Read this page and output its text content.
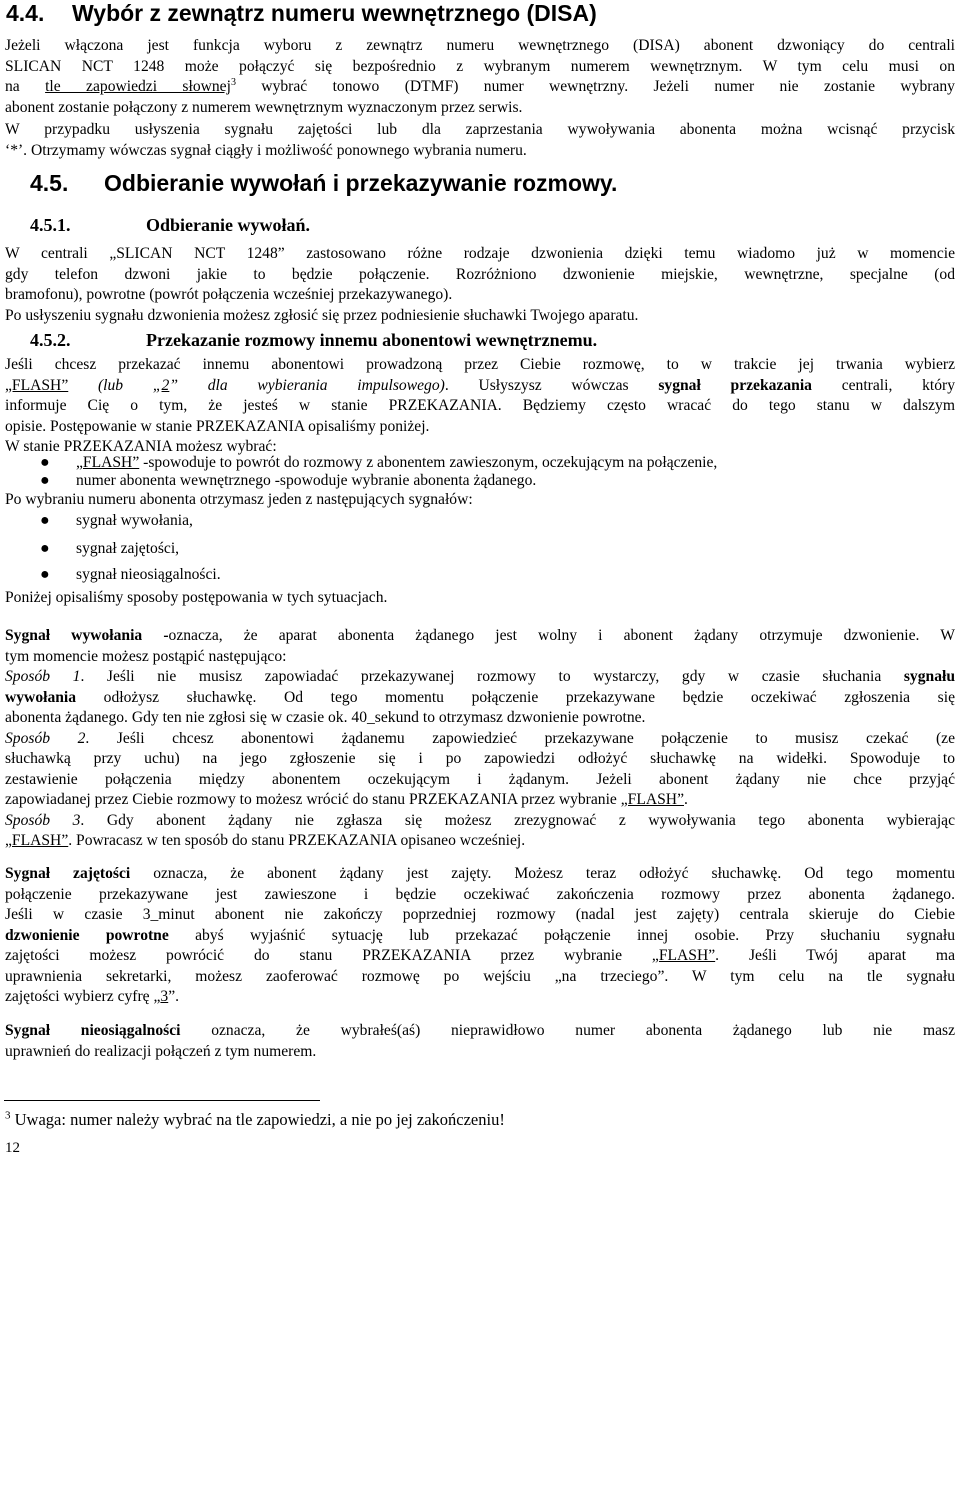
4.4. Wybór z zewnątrz numeru wewnętrznego (DISA)
Jeżeli włączona jest funkcja wyboru z zewnątrz numeru wewnętrznego (DISA) abonent dzwoniący do centrali
SLICAN NCT 1248 może połączyć się bezpośrednio z wybranym numerem wewnętrznym. W tym celu musi on
na tle zapowiedzi słownej$^3$ wybrać tonowo (DTMF) numer wewnętrzny. Jeżeli numer nie zostanie wybrany
abonent zostanie połączony z numerem wewnętrznym wyznaczonym przez serwis.
W przypadku usłyszenia sygnału zajętości lub dla zaprzestania wywoływania abonenta można wcisnąć przycisk
‘*’. Otrzymamy wówczas sygnał ciągły i możliwość ponownego wybrania numeru.
4.5. Odbieranie wywołań i przekazywanie rozmowy.
4.5.1.	Odbieranie wywołań.
W centrali „SLICAN NCT 1248” zastosowano różne rodzaje dzwonienia dzięki temu wiadomo już w momencie
gdy telefon dzwoni jakie to będzie połączenie. Rozróżniono dzwonienie miejskie, wewnętrzne, specjalne (od
bramofonu), powrotne (powrót połączenia wcześniej przekazywanego).
Po usłyszeniu sygnału dzwonienia możesz zgłosić się przez podniesienie słuchawki Twojego aparatu.
4.5.2.	Przekazanie rozmowy innemu abonentowi wewnętrznemu.
Jeśli chcesz przekazać innemu abonentowi prowadzoną przez Ciebie rozmowę, to w trakcie jej trwania wybierz
„FLASH” (lub „2” dla wybierania impulsowego). Usłyszysz wówczas sygnał przekazania centrali, który
informuje Cię o tym, że jesteś w stanie PRZEKAZANIA. Będziemy często wracać do tego stanu w dalszym
opisie. Postępowanie w stanie PRZEKAZANIA opisaliśmy poniżej.
W stanie PRZEKAZANIA możesz wybrać:
● „FLASH” -spowoduje to powrót do rozmowy z abonentem zawieszonym, oczekującym na połączenie,
● numer abonenta wewnętrznego -spowoduje wybranie abonenta żądanego.
Po wybraniu numeru abonenta otrzymasz jeden z następujących sygnałów:
● sygnał wywołania,
● sygnał zajętości,
● sygnał nieosiągalności.
Poniżej opisaliśmy sposoby postępowania w tych sytuacjach.
Sygnał wywołania -oznacza, że aparat abonenta żądanego jest wolny i abonent żądany otrzymuje dzwonienie. W
tym momencie możesz postąpić następująco:
Sposób 1. Jeśli nie musisz zapowiadać przekazywanej rozmowy to wystarczy, gdy w czasie słuchania sygnału
wywołania odłożysz słuchawkę. Od tego momentu połączenie przekazywane będzie oczekiwać zgłoszenia się
abonenta żądanego. Gdy ten nie zgłosi się w czasie ok. 40_sekund to otrzymasz dzwonienie powrotne.
Sposób 2. Jeśli chcesz abonentowi żądanemu zapowiedzieć przekazywane połączenie to musisz czekać (ze
słuchawką przy uchu) na jego zgłoszenie się i po zapowiedzi odłożyć słuchawkę na widełki. Spowoduje to
zestawienie połączenia między abonentem oczekującym i żądanym. Jeżeli abonent żądany nie chce przyjąć
zapowiadanej przez Ciebie rozmowy to możesz wrócić do stanu PRZEKAZANIA przez wybranie „FLASH”.
Sposób 3. Gdy abonent żądany nie zgłasza się możesz zrezygnować z wywoływania tego abonenta wybierając
„FLASH”. Powracasz w ten sposób do stanu PRZEKAZANIA opisaneo wcześniej.
Sygnał zajętości oznacza, że abonent żądany jest zajęty. Możesz teraz odłożyć słuchawkę. Od tego momentu
połączenie przekazywane jest zawieszone i będzie oczekiwać zakończenia rozmowy przez abonenta żądanego.
Jeśli w czasie 3_minut abonent nie zakończy poprzedniej rozmowy (nadal jest zajęty) centrala skieruje do Ciebie
dzwonienie powrotne abyś wyjaśnić sytuację lub przekazać połączenie innej osobie. Przy słuchaniu sygnału
zajętości możesz powrócić do stanu PRZEKAZANIA przez wybranie „FLASH”. Jeśli Twój aparat ma
uprawnienia sekretarki, możesz zaoferować rozmowę po wejściu „na trzeciego”. W tym celu na tle sygnału
zajętości wybierz cyfrę „3”.
Sygnał nieosiągalności oznacza, że wybrałeś(aś) nieprawidłowo numer abonenta żądanego lub nie masz
uprawnień do realizacji połączeń z tym numerem.
$^3$ Uwaga: numer należy wybrać na tle zapowiedzi, a nie po jej zakończeniu!
12
